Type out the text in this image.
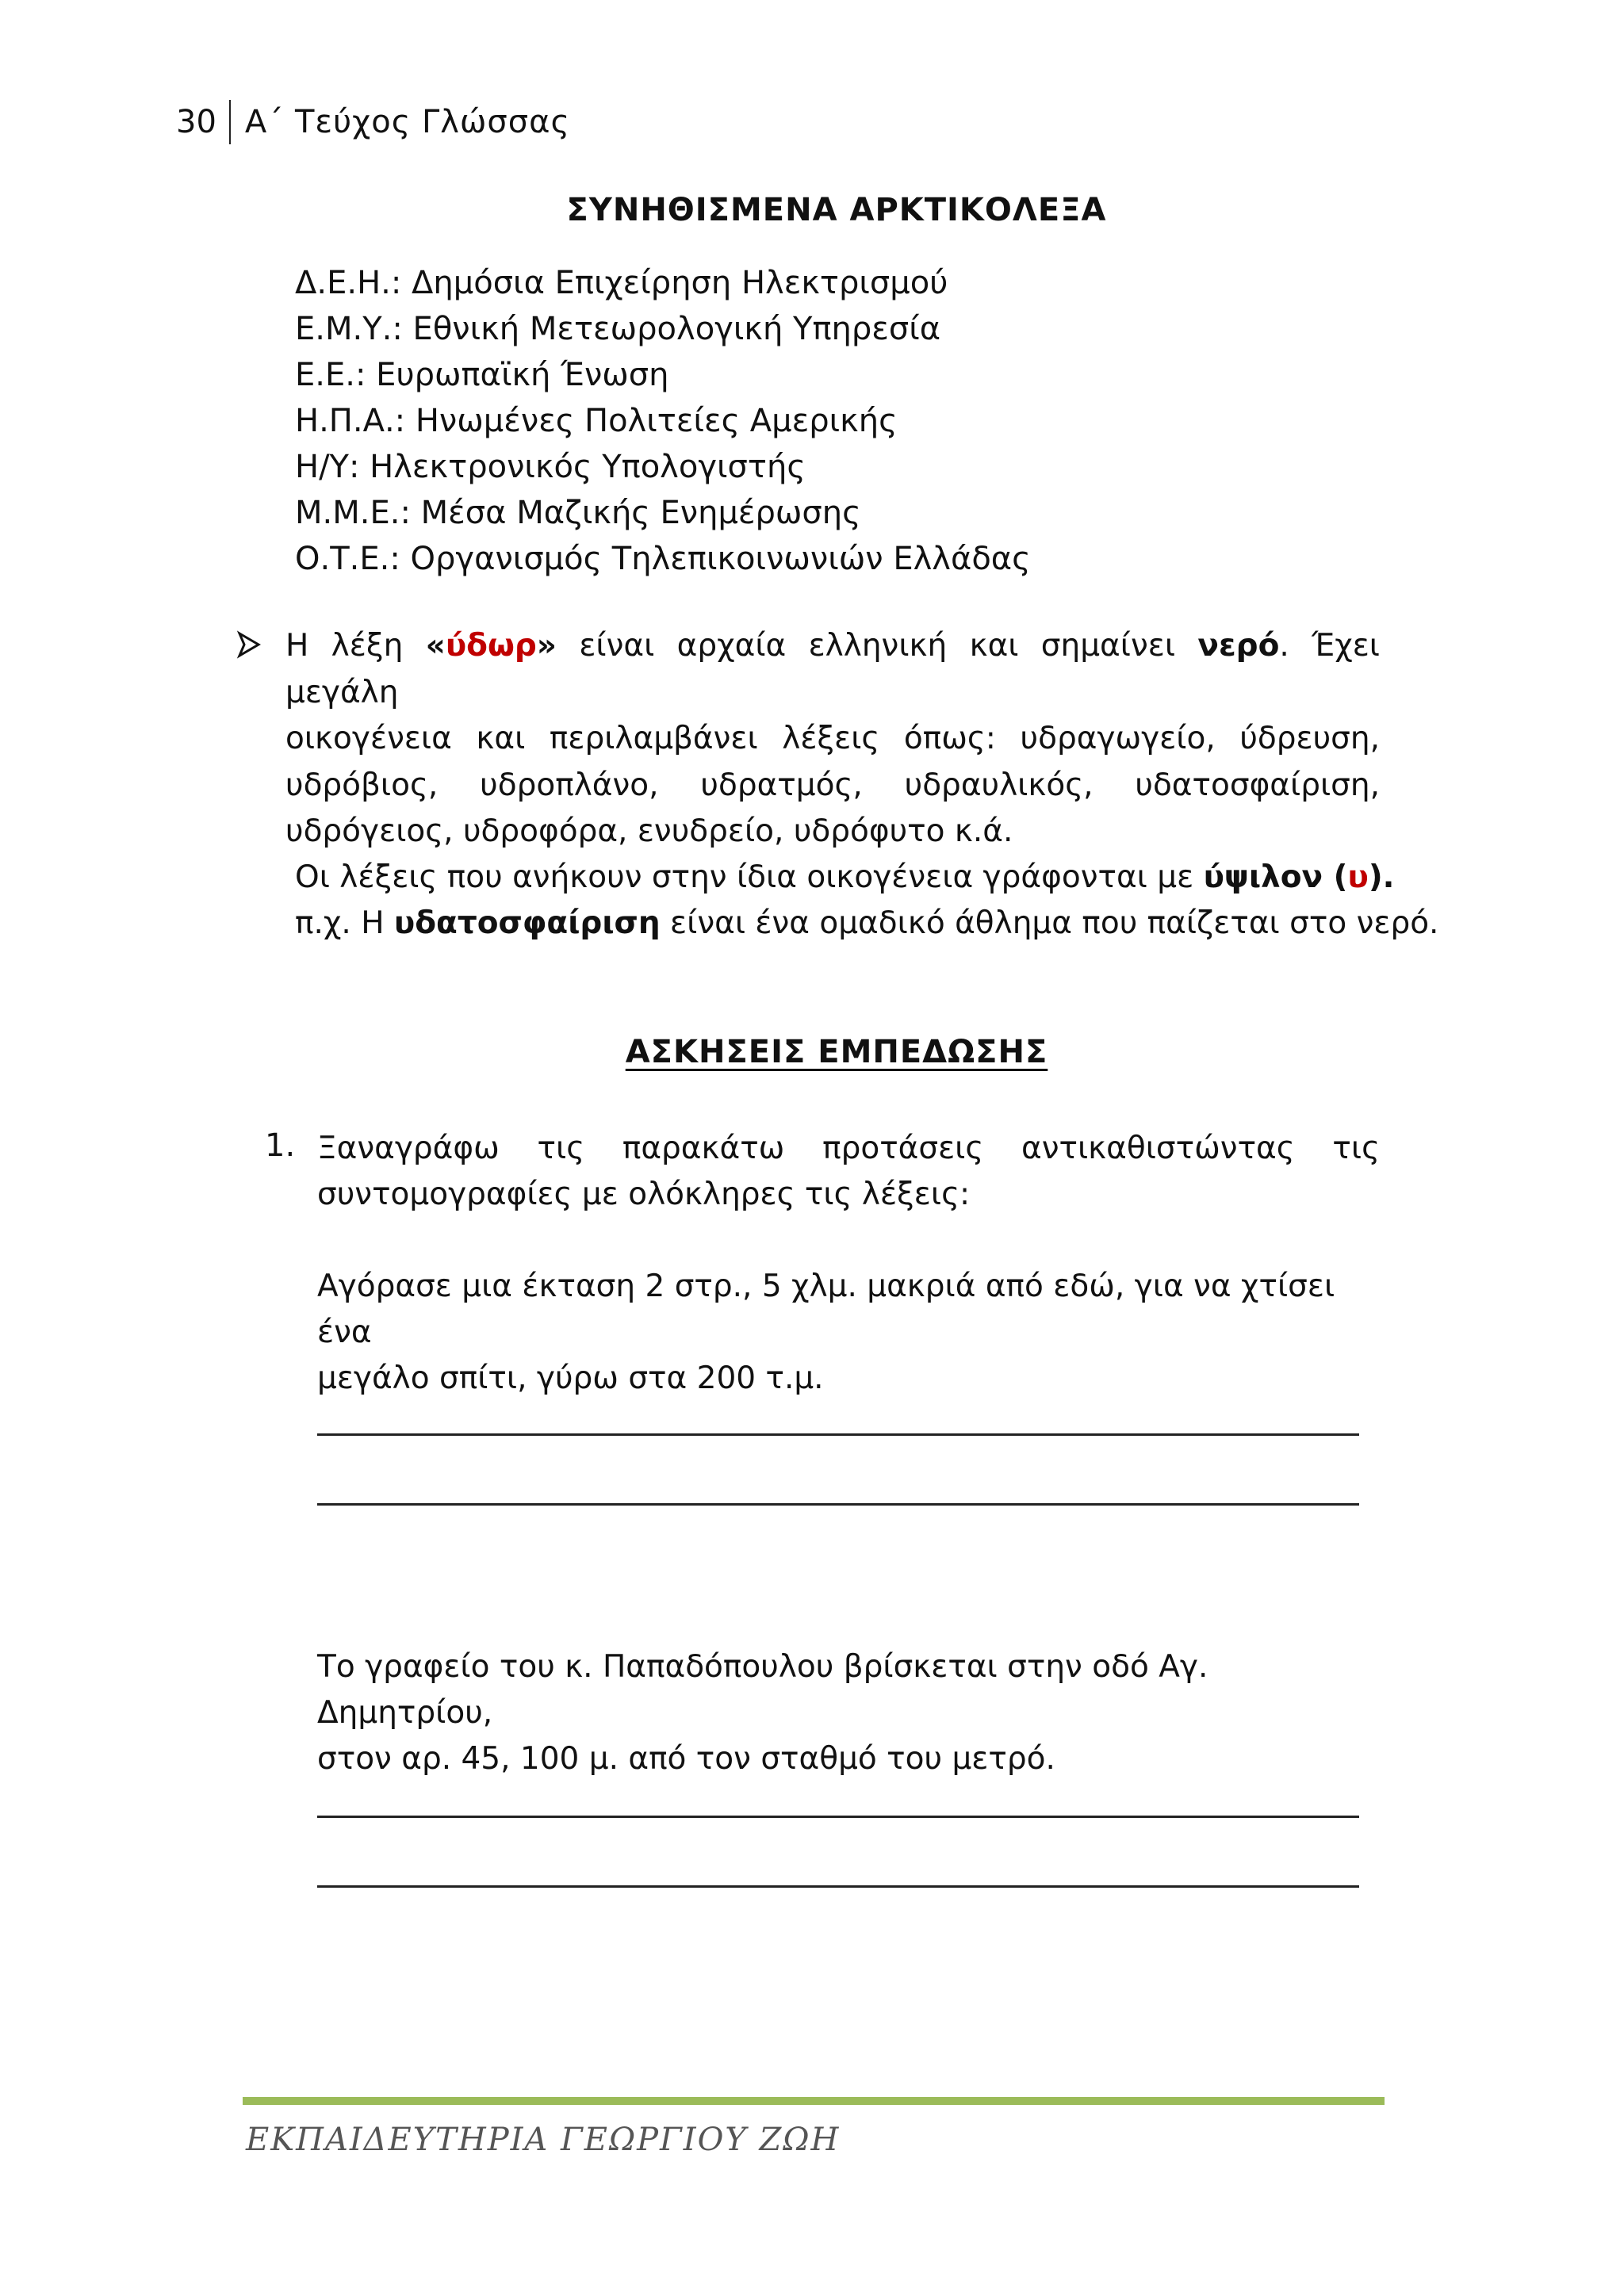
30 Α΄ Τεύχος Γλώσσας
ΣΥΝΗΘΙΣΜΕΝΑ ΑΡΚΤΙΚΟΛΕΞΑ
Δ.Ε.Η.: Δημόσια Επιχείρηση Ηλεκτρισμού
Ε.Μ.Υ.: Εθνική Μετεωρολογική Υπηρεσία
Ε.Ε.: Ευρωπαϊκή Ένωση
Η.Π.Α.: Ηνωμένες Πολιτείες Αμερικής
Η/Υ: Ηλεκτρονικός Υπολογιστής
Μ.Μ.Ε.: Μέσα Μαζικής Ενημέρωσης
Ο.Τ.Ε.: Οργανισμός Τηλεπικοινωνιών Ελλάδας
Η λέξη «ύδωρ» είναι αρχαία ελληνική και σημαίνει νερό. Έχει μεγάλη
οικογένεια και περιλαμβάνει λέξεις όπως: υδραγωγείο, ύδρευση, υδρόβιος, υδροπλάνο, υδρατμός, υδραυλικός, υδατοσφαίριση, υδρόγειος, υδροφόρα, ενυδρείο, υδρόφυτο κ.ά.
Οι λέξεις που ανήκουν στην ίδια οικογένεια γράφονται με ύψιλον (υ).
π.χ. Η υδατοσφαίριση είναι ένα ομαδικό άθλημα που παίζεται στο νερό.
ΑΣΚΗΣΕΙΣ ΕΜΠΕΔΩΣΗΣ
1. Ξαναγράφω τις παρακάτω προτάσεις αντικαθιστώντας τις
συντομογραφίες με ολόκληρες τις λέξεις:
Αγόρασε μια έκταση 2 στρ., 5 χλμ. μακριά από εδώ, για να χτίσει ένα
μεγάλο σπίτι, γύρω στα 200 τ.μ.
Το γραφείο του κ. Παπαδόπουλου βρίσκεται στην οδό Αγ. Δημητρίου,
στον αρ. 45, 100 μ. από τον σταθμό του μετρό.
ΕΚΠΑΙΔΕΥΤΗΡΙΑ ΓΕΩΡΓΙΟΥ ΖΩΗ
